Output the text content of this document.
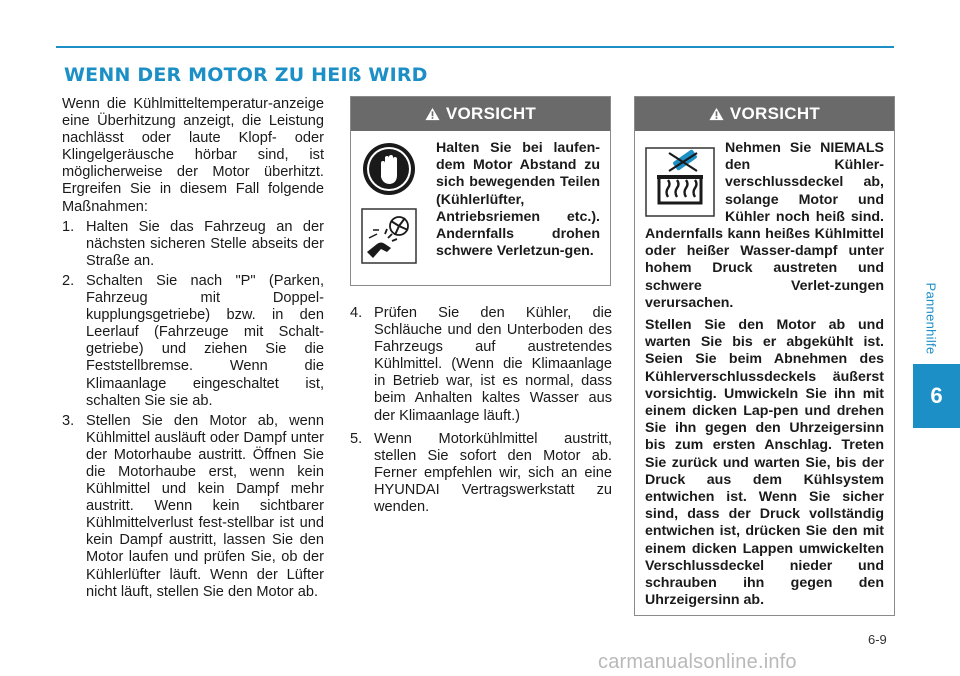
WENN DER MOTOR ZU HEIß WIRD
Pannenhilfe
6

Wenn die Kühlmitteltemperatur-anzeige eine Überhitzung anzeigt, die Leistung nachlässt oder laute Klopf- oder Klingelgeräusche hörbar sind, ist möglicherweise der Motor überhitzt. Ergreifen Sie in diesem Fall folgende Maßnahmen:

1. Halten Sie das Fahrzeug an der nächsten sicheren Stelle abseits der Straße an.
2. Schalten Sie nach "P" (Parken, Fahrzeug mit Doppel-kupplungsgetriebe) bzw. in den Leerlauf (Fahrzeuge mit Schalt-getriebe) und ziehen Sie die Feststellbremse. Wenn die Klimaanlage eingeschaltet ist, schalten Sie sie ab.
3. Stellen Sie den Motor ab, wenn Kühlmittel ausläuft oder Dampf unter der Motorhaube austritt. Öffnen Sie die Motorhaube erst, wenn kein Kühlmittel und kein Dampf mehr austritt. Wenn kein sichtbarer Kühlmittelverlust fest-stellbar ist und kein Dampf austritt, lassen Sie den Motor laufen und prüfen Sie, ob der Kühlerlüfter läuft. Wenn der Lüfter nicht läuft, stellen Sie den Motor ab.
VORSICHT

Halten Sie bei laufen-dem Motor Abstand zu sich bewegenden Teilen (Kühlerlüfter, Antriebsriemen etc.). Andernfalls drohen schwere Verletzun-gen.
4. Prüfen Sie den Kühler, die Schläuche und den Unterboden des Fahrzeugs auf austretendes Kühlmittel. (Wenn die Klimaanlage in Betrieb war, ist es normal, dass beim Anhalten kaltes Wasser aus der Klimaanlage läuft.)
5. Wenn Motorkühlmittel austritt, stellen Sie sofort den Motor ab. Ferner empfehlen wir, sich an eine HYUNDAI Vertragswerkstatt zu wenden.
VORSICHT

Nehmen Sie NIEMALS den Kühler-verschlussdeckel ab, solange Motor und Kühler noch heiß sind. Andernfalls kann heißes Kühlmittel oder heißer Wasser-dampf unter hohem Druck austreten und schwere Verlet-zungen verursachen.

Stellen Sie den Motor ab und warten Sie bis er abgekühlt ist. Seien Sie beim Abnehmen des Kühlerverschlussdeckels äußerst vorsichtig. Umwickeln Sie ihn mit einem dicken Lap-pen und drehen Sie ihn gegen den Uhrzeigersinn bis zum ersten Anschlag. Treten Sie zurück und warten Sie, bis der Druck aus dem Kühlsystem entwichen ist. Wenn Sie sicher sind, dass der Druck vollständig entwichen ist, drücken Sie den mit einem dicken Lappen umwickelten Verschlussdeckel nieder und schrauben ihn gegen den Uhrzeigersinn ab.

6-9
carmanualsonline.info
